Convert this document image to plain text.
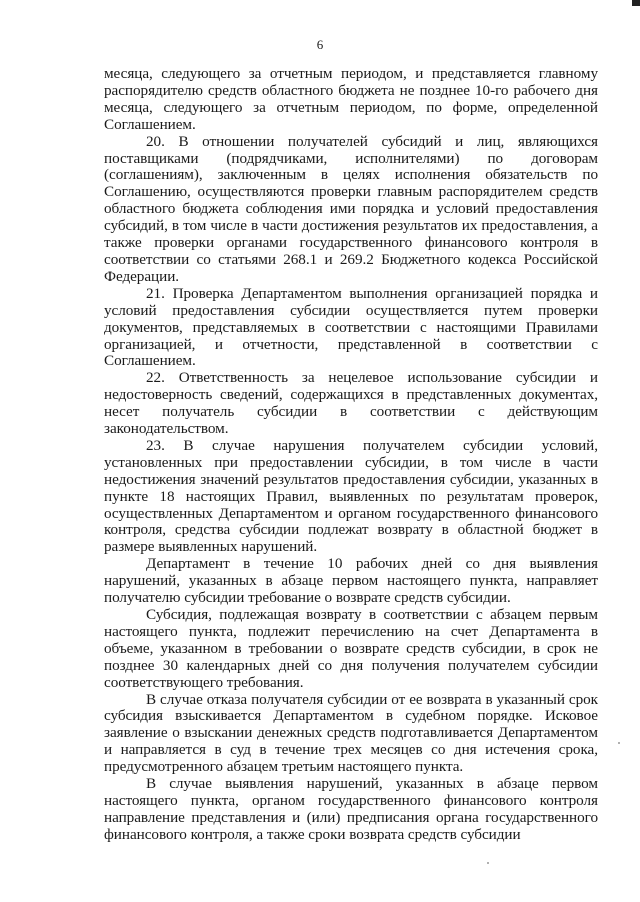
6

месяца, следующего за отчетным периодом, и представляется главному распорядителю средств областного бюджета не позднее 10-го рабочего дня месяца, следующего за отчетным периодом, по форме, определенной Соглашением.

20. В отношении получателей субсидий и лиц, являющихся поставщиками (подрядчиками, исполнителями) по договорам (соглашениям), заключенным в целях исполнения обязательств по Соглашению, осуществляются проверки главным распорядителем средств областного бюджета соблюдения ими порядка и условий предоставления субсидий, в том числе в части достижения результатов их предоставления, а также проверки органами государственного финансового контроля в соответствии со статьями 268.1 и 269.2 Бюджетного кодекса Российской Федерации.

21. Проверка Департаментом выполнения организацией порядка и условий предоставления субсидии осуществляется путем проверки документов, представляемых в соответствии с настоящими Правилами организацией, и отчетности, представленной в соответствии с Соглашением.

22. Ответственность за нецелевое использование субсидии и недостоверность сведений, содержащихся в представленных документах, несет получатель субсидии в соответствии с действующим законодательством.

23. В случае нарушения получателем субсидии условий, установленных при предоставлении субсидии, в том числе в части недостижения значений результатов предоставления субсидии, указанных в пункте 18 настоящих Правил, выявленных по результатам проверок, осуществленных Департаментом и органом государственного финансового контроля, средства субсидии подлежат возврату в областной бюджет в размере выявленных нарушений.

Департамент в течение 10 рабочих дней со дня выявления нарушений, указанных в абзаце первом настоящего пункта, направляет получателю субсидии требование о возврате средств субсидии.

Субсидия, подлежащая возврату в соответствии с абзацем первым настоящего пункта, подлежит перечислению на счет Департамента в объеме, указанном в требовании о возврате средств субсидии, в срок не позднее 30 календарных дней со дня получения получателем субсидии соответствующего требования.

В случае отказа получателя субсидии от ее возврата в указанный срок субсидия взыскивается Департаментом в судебном порядке. Исковое заявление о взыскании денежных средств подготавливается Департаментом и направляется в суд в течение трех месяцев со дня истечения срока, предусмотренного абзацем третьим настоящего пункта.

В случае выявления нарушений, указанных в абзаце первом настоящего пункта, органом государственного финансового контроля направление представления и (или) предписания органа государственного финансового контроля, а также сроки возврата средств субсидии
